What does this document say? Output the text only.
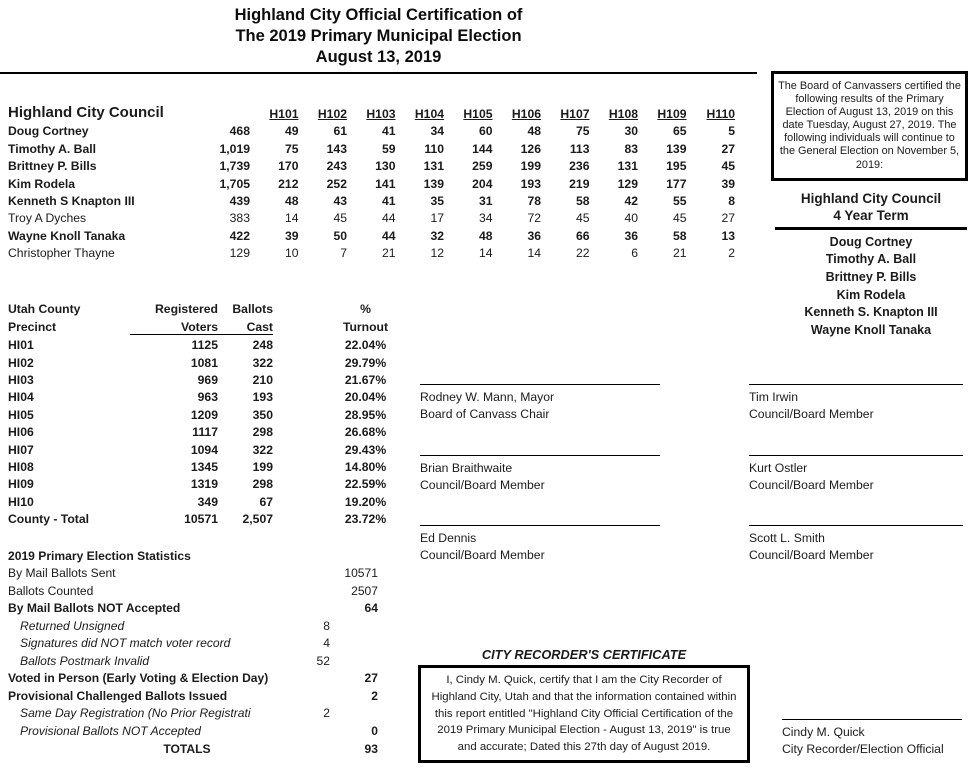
Highland City Official Certification of
The 2019 Primary Municipal Election
August 13, 2019
The Board of Canvassers certified the following results of the Primary Election of August 13, 2019 on this date Tuesday, August 27, 2019. The following individuals will continue to the General Election on November 5, 2019:
Highland City Council		H101	H102	H103	H104	H105	H106	H107	H108	H109	H110
Doug Cortney	468	49	61	41	34	60	48	75	30	65	5
Timothy A. Ball	1,019	75	143	59	110	144	126	113	83	139	27
Brittney P. Bills	1,739	170	243	130	131	259	199	236	131	195	45
Kim Rodela	1,705	212	252	141	139	204	193	219	129	177	39
Kenneth S Knapton III	439	48	43	41	35	31	78	58	42	55	8
Troy A Dyches	383	14	45	44	17	34	72	45	40	45	27
Wayne Knoll Tanaka	422	39	50	44	32	48	36	66	36	58	13
Christopher Thayne	129	10	7	21	12	14	14	22	6	21	2
Highland City Council
4 Year Term
Doug Cortney
Timothy A. Ball
Brittney P. Bills
Kim Rodela
Kenneth S. Knapton III
Wayne Knoll Tanaka
Utah County	Registered	Ballots	%
Precinct	Voters	Cast	Turnout
HI01	1125	248	22.04%
HI02	1081	322	29.79%
HI03	969	210	21.67%
HI04	963	193	20.04%
HI05	1209	350	28.95%
HI06	1117	298	26.68%
HI07	1094	322	29.43%
HI08	1345	199	14.80%
HI09	1319	298	22.59%
HI10	349	67	19.20%
County - Total	10571	2,507	23.72%
2019 Primary Election Statistics		
By Mail Ballots Sent		10571
Ballots Counted		2507
By Mail Ballots NOT Accepted		64
Returned Unsigned	8	
Signatures did NOT match voter record	4	
Ballots Postmark Invalid	52	
Voted in Person (Early Voting & Election Day)		27
Provisional Challenged Ballots Issued		2
Same Day Registration (No Prior Registrati	2	
Provisional Ballots NOT Accepted		0
TOTALS		93
Rodney W. Mann, Mayor
Board of Canvass Chair
Brian Braithwaite
Council/Board Member
Ed Dennis
Council/Board Member
Tim Irwin
Council/Board Member
Kurt Ostler
Council/Board Member
Scott L. Smith
Council/Board Member
CITY RECORDER'S CERTIFICATE
I, Cindy M. Quick, certify that I am the City Recorder of Highland City, Utah and that the information contained within this report entitled "Highland City Official Certification of the 2019 Primary Municipal Election - August 13, 2019" is true and accurate; Dated this 27th day of August 2019.
Cindy M. Quick
City Recorder/Election Official
